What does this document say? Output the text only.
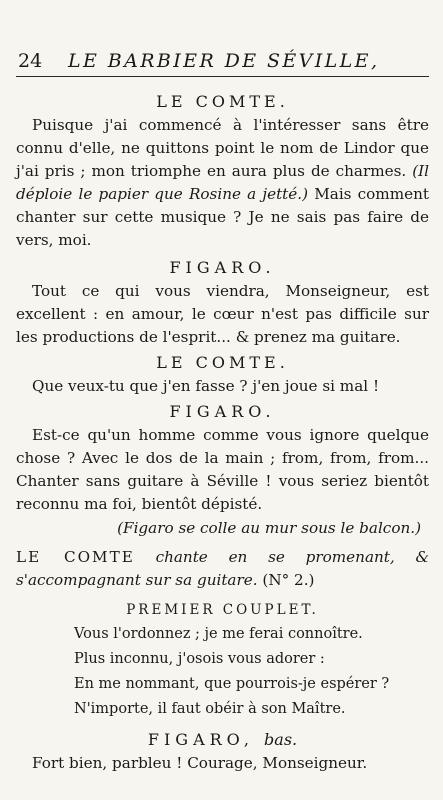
24 LE BARBIER DE SÉVILLE,
LE COMTE.
Puisque j'ai commencé à l'intéresser sans être connu d'elle, ne quittons point le nom de Lindor que j'ai pris ; mon triomphe en aura plus de charmes. (Il déploie le papier que Rosine a jetté.) Mais comment chanter sur cette musique ? Je ne sais pas faire de vers, moi.
FIGARO.
Tout ce qui vous viendra, Monseigneur, est excellent : en amour, le cœur n'est pas difficile sur les productions de l'esprit... & prenez ma guitare.
LE COMTE.
Que veux-tu que j'en fasse ? j'en joue si mal !
FIGARO.
Est-ce qu'un homme comme vous ignore quelque chose ? Avec le dos de la main ; from, from, from... Chanter sans guitare à Séville ! vous seriez bientôt reconnu ma foi, bientôt dépisté.
(Figaro se colle au mur sous le balcon.)
LE COMTE chante en se promenant, & s'accompagnant sur sa guitare. (N° 2.)
PREMIER COUPLET.
Vous l'ordonnez ; je me ferai connoître.
Plus inconnu, j'osois vous adorer :
En me nommant, que pourrois-je espérer ?
N'importe, il faut obéir à son Maître.
FIGARO, bas.
Fort bien, parbleu ! Courage, Monseigneur.
